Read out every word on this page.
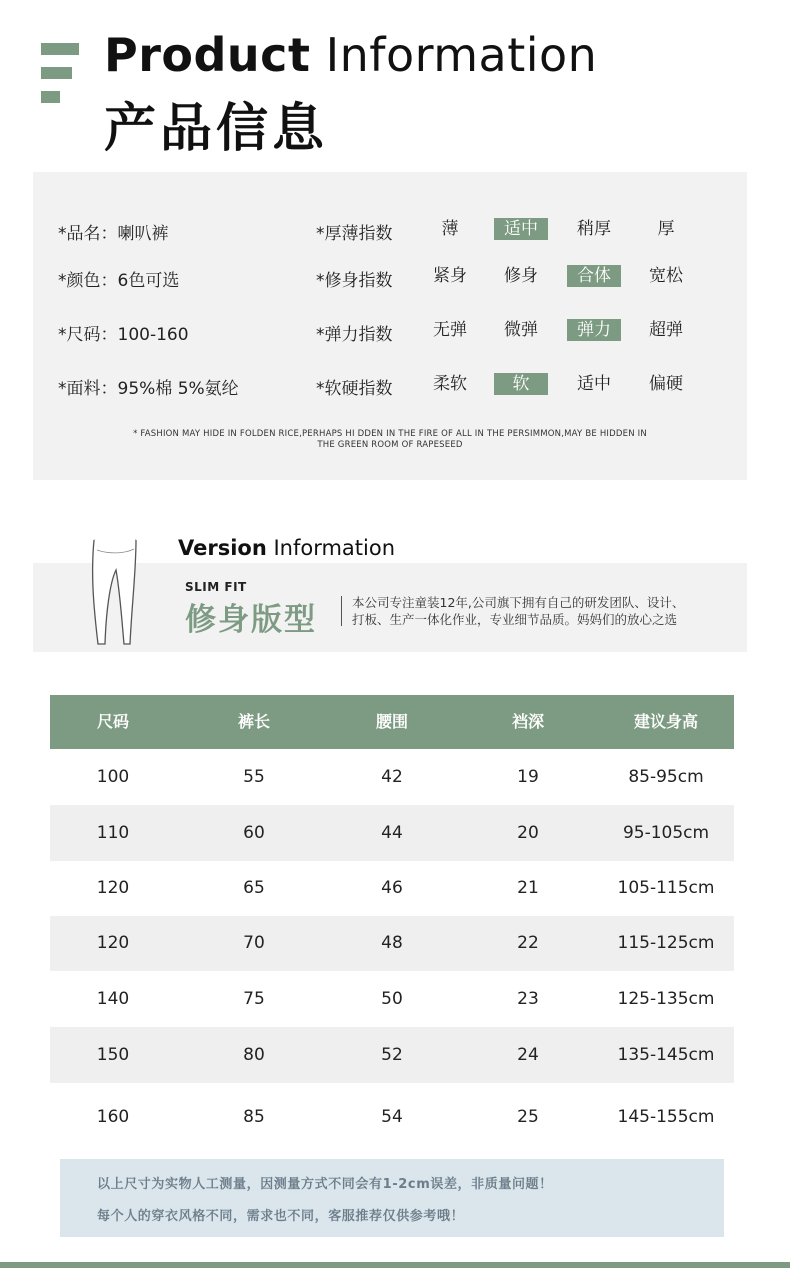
Product Information
产品信息
*品名：喇叭裤
*颜色：6色可选
*尺码：100-160
*面料：95%棉 5%氨纶
*厚薄指数	薄	适中	稍厚	厚
*修身指数	紧身	修身	合体	宽松
*弹力指数	无弹	微弹	弹力	超弹
*软硬指数	柔软	软	适中	偏硬
* FASHION MAY HIDE IN FOLDEN RICE,PERHAPS HI DDEN IN THE FIRE OF ALL IN THE PERSIMMON,MAY BE HIDDEN IN
THE GREEN ROOM OF RAPESEED
Version Information
SLIM FIT
修身版型	本公司专注童装12年,公司旗下拥有自己的研发团队、设计、
打板、生产一体化作业，专业细节品质。妈妈们的放心之选
尺码	裤长	腰围	裆深	建议身高
100	55	42	19	85-95cm
110	60	44	20	95-105cm
120	65	46	21	105-115cm
120	70	48	22	115-125cm
140	75	50	23	125-135cm
150	80	52	24	135-145cm
160	85	54	25	145-155cm
以上尺寸为实物人工测量，因测量方式不同会有1-2cm误差，非质量问题！
每个人的穿衣风格不同，需求也不同，客服推荐仅供参考哦！
